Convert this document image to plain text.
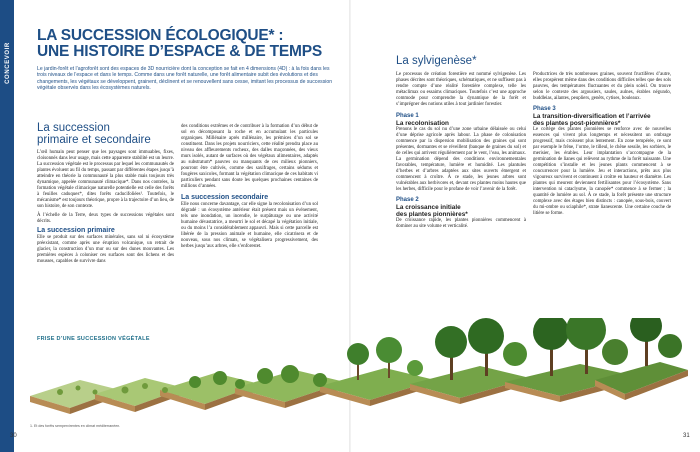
CONCEVOIR
LA SUCCESSION ÉCOLOGIQUE* :
UNE HISTOIRE D’ESPACE & DE TEMPS
Le jardin-forêt et l’agroforêt sont des espaces de 3D nourricière dont la conception se fait en 4 dimensions (4D) : à la fois dans les trois niveaux de l’espace et dans le temps. Comme dans une forêt naturelle, une forêt alimentaire subit des évolutions et des changements, les végétaux se développent, grainent, déclinent et se renouvellent sans cesse, imitant les processus de succession végétale observés dans les écosystèmes naturels.
La succession
primaire et secondaire

L’œil humain peut penser que les paysages sont immuables, fixes, cloisonnés dans leur usage, mais cette apparente stabilité est un leurre. La succession végétale est le processus par lequel les communautés de plantes évoluent au fil du temps, passant par différentes étapes jusqu’à atteindre en théorie la communauté la plus stable mais toujours très dynamique, appelée communauté climacique*. Dans nos contrées, la formation végétale climacique naturelle potentielle est celle des forêts à feuilles caduques*, dites forêts caducifoliées¹. Toutefois, le mécanisme* est toujours théorique, propre à la trajectoire d’un lieu, de son histoire, de son contexte.

À l’échelle de la Terre, deux types de successions végétales sont décrits.

La succession primaire

Elle se produit sur des surfaces minérales, sans sol ni écosystème préexistant, comme après une éruption volcanique, un retrait de glacier, la construction d’un mur ou sur des dunes mouvantes. Les premières espèces à coloniser ces surfaces sont des lichens et des mousses, capables de survivre dans

des conditions extrêmes et de contribuer à la formation d’un début de sol en décomposant la roche et en accumulant les particules organiques. Millénaire après millénaire, les prémices d’un sol se constituent. Dans les projets nourriciers, cette réalité prendra place au niveau des affleurements rocheux, des dalles maçonnées, des vieux murs isolés, autant de surfaces où des végétaux alimentaires, adaptés au substratum* pauvres ou manquants de ces milieux pionniers, pourront être cultivés, comme des saxifrages, certains sédums et fougères saxicoles, formant la végétation climacique de ces habitats vi particuliers pendant sans doute les quelques prochaines centaines de millions d’années.

La succession secondaire

Elle nous concerne davantage, car elle signe la recolonisation d’un sol dégradé : un écosystème antérieur était présent mais un événement, tels une inondation, un incendie, le surpâturage ou une activité humaine dévastatrice, a meurtri le sol et décapé la végétation initiale, ou du moins l’a considérablement appauvri. Mais si cette parcelle est libérée de la pression animale et humaine, elle cicatrisera et de nouveau, sous nos climats, se végétalisera progressivement, des herbes jusqu’aux arbres, elle s’enforestet.

La sylvigenèse*

Le processus de création forestière est nommé sylvigenèse. Les phases décrites sont théoriques, schématiques, et ne suffisent pas à rendre compte d’une réalité forestière complexe, telle les métaclimax ou essaims climaciques. Toutefois c’est une approche commode pour comprendre la dynamique de la forêt et s’imprégner des notions utiles à tout jardinier forestier.

Phase 1
La recolonisation

Prenons le cas du sol nu d’une zone urbaine délaissée ou celui d’une déprise agricole après labour. La phase de colonisation commence par la dispersion mobilisation des graines qui sont présentes, dormantes et se réveillent (banque de graines du sol) et de celles qui arrivent régulièrement par le vent, l’eau, les animaux. La germination dépend des conditions environnementales favorables, température, lumière et humidité. Les plantules d’herbes et d’arbres adaptées aux sites ouverts émergent et commencent à croître. À ce stade, les jeunes arbres sont vulnérables aux herbivores et, devant ces plantes moins hautes que les herbes, difficile pour le profane de voir l’avenir de la forêt.

Phase 2
La croissance initiale
des plantes pionnières*

De croissance rapide, les plantes pionnières commencent à dominer au site volume et verticalité.

Productrices de très nombreuses graines, souvent fructifères d’autre, elles prospèrent même dans des conditions difficiles telles que des sols pauvres, des températures fluctuantes et du plein soleil. On trouve selon le contexte des argousiers, saules, aulnes, érables négundo, buddleias, ailantes, peupliers, genêts, cytises, bouleaux.

Phase 3
La transition-diversification et l’arrivée
des plantes post-pionnières*

Le cortège des plantes pionnières se renforce avec de nouvelles essences qui vivent plus longtemps et nécessitent un ombrage progressif, mais croissent plus lentement. En zone tempérée, ce sont par exemple le frêne, l’orme, le tilleul, le chêne sessile, les sorbiers, le merisier, les érables. Leur implantation s’accompagne de la germination de lianes qui relèvent au rythme de la forêt naissante. Une compétition s’installe et les jeunes plants commencent à se concurrencer pour la lumière. Jeu et interactions, prêts aux plus vigoureux survivent et continuent à croître en hauteur et diamètre. Les plantes qui meurent deviennent fertilisantes pour l’écosystème. Sans intervention ni cataclysme, la canopée* commence à se fermer ; la quantité de lumière au sol. À ce stade, la forêt présente une structure complexe avec des étages bien distincts : canopée, sous-bois, couvert du mi-ombre ou sciaphile*, strate lianescente. Une certaine couche de litière se forme.

FRISE D’UNE SUCCESSION VÉGÉTALE
1. Et des forêts sempervirentes en climat méditerranéen.
30	31
